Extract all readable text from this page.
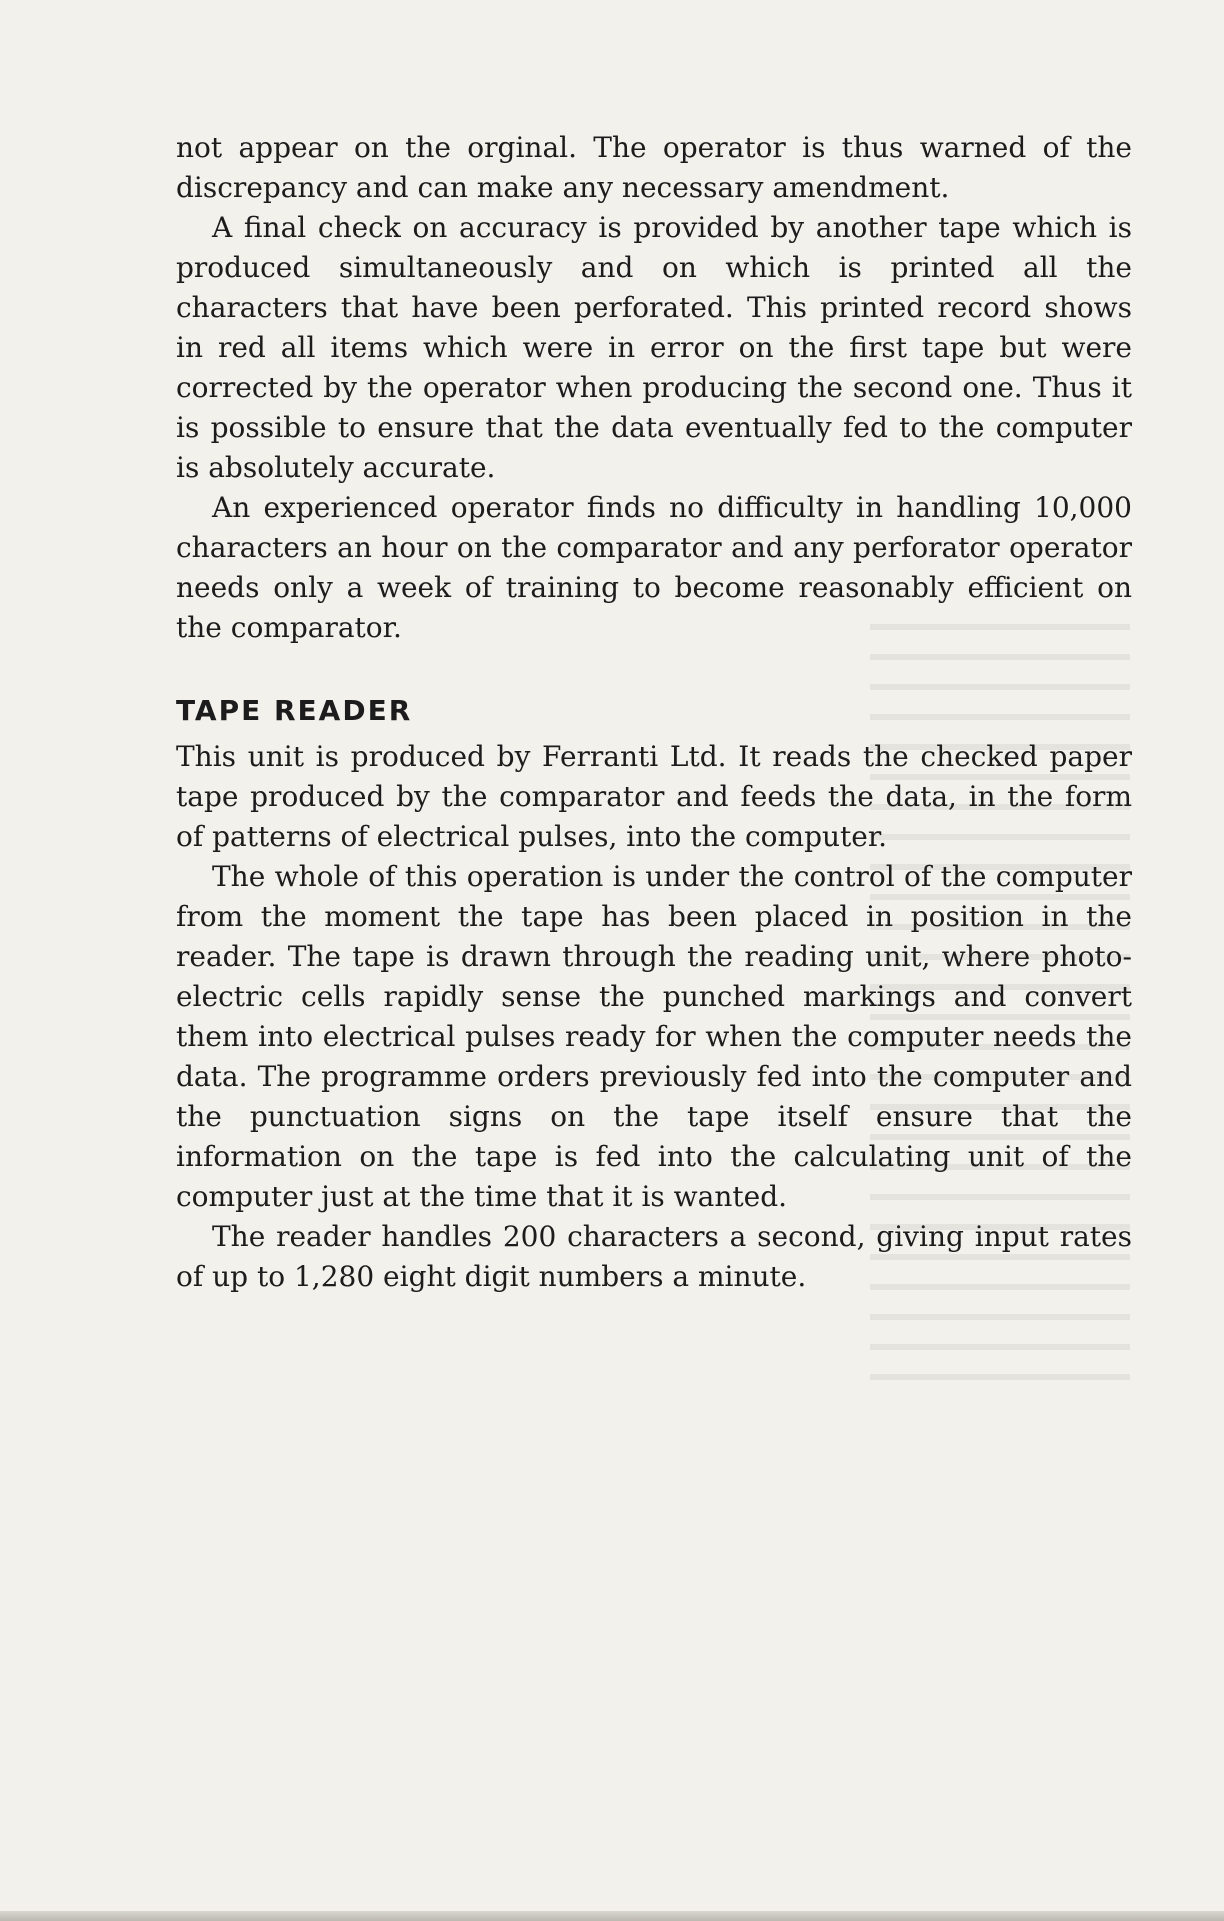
not appear on the orginal. The operator is thus warned of the discrepancy and can make any necessary amendment.

A final check on accuracy is provided by another tape which is produced simultaneously and on which is printed all the characters that have been perforated. This printed record shows in red all items which were in error on the first tape but were corrected by the operator when producing the second one. Thus it is possible to ensure that the data eventually fed to the computer is absolutely accurate.

An experienced operator finds no difficulty in handling 10,000 characters an hour on the comparator and any perforator operator needs only a week of training to become reasonably efficient on the comparator.

TAPE READER

This unit is produced by Ferranti Ltd. It reads the checked paper tape produced by the comparator and feeds the data, in the form of patterns of electrical pulses, into the computer.

The whole of this operation is under the control of the computer from the moment the tape has been placed in position in the reader. The tape is drawn through the reading unit, where photo-electric cells rapidly sense the punched markings and convert them into electrical pulses ready for when the computer needs the data. The programme orders previously fed into the computer and the punctuation signs on the tape itself ensure that the information on the tape is fed into the calculating unit of the computer just at the time that it is wanted.

The reader handles 200 characters a second, giving input rates of up to 1,280 eight digit numbers a minute.
